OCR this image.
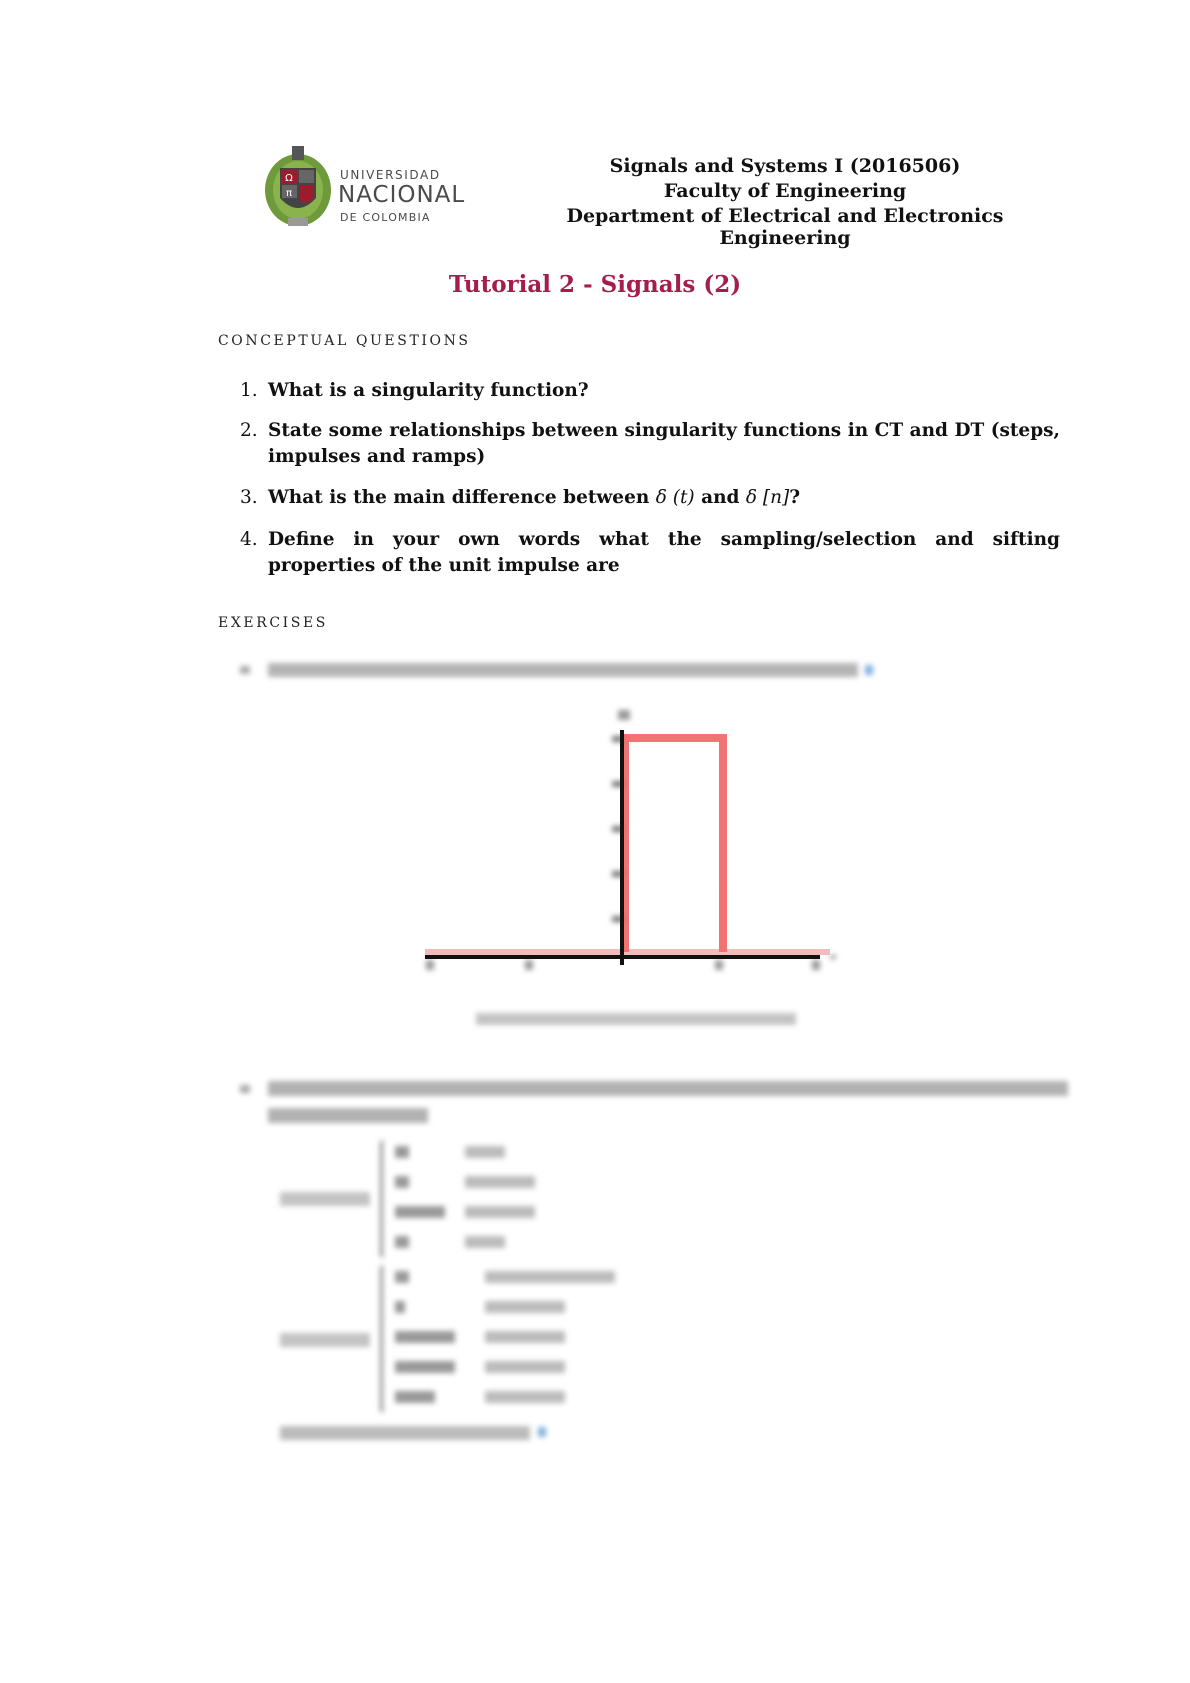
Ω
π
UNIVERSIDAD
NACIONAL
DE COLOMBIA
Signals and Systems I (2016506)
Faculty of Engineering
Department of Electrical and Electronics Engineering
Tutorial 2 - Signals (2)
CONCEPTUAL QUESTIONS
1. What is a singularity function?
2. State some relationships between singularity functions in CT and DT (steps, impulses and ramps)
3. What is the main difference between δ (t) and δ [n]?
4. Define in your own words what the sampling/selection and sifting properties of the unit impulse are
EXERCISES
